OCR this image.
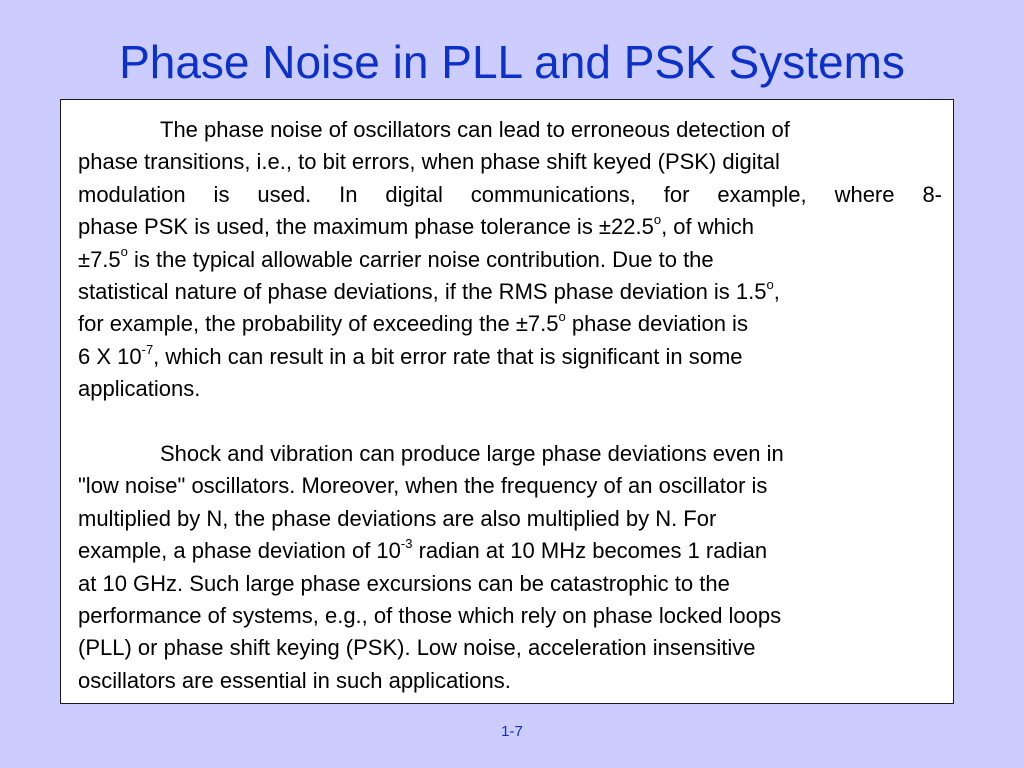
Phase Noise in PLL and PSK Systems
The phase noise of oscillators can lead to erroneous detection of
phase transitions, i.e., to bit errors, when phase shift keyed (PSK) digital
modulation is used. In digital communications, for example, where 8-
phase PSK is used, the maximum phase tolerance is $\pm 22.5^o$, of which
$\pm 7.5^o$ is the typical allowable carrier noise contribution. Due to the
statistical nature of phase deviations, if the RMS phase deviation is 1.5$^o$,
for example, the probability of exceeding the $\pm 7.5^o$ phase deviation is
6 X $10^{-7}$, which can result in a bit error rate that is significant in some
applications.
Shock and vibration can produce large phase deviations even in
"low noise" oscillators. Moreover, when the frequency of an oscillator is
multiplied by N, the phase deviations are also multiplied by N. For
example, a phase deviation of $10^{-3}$ radian at 10 MHz becomes 1 radian
at 10 GHz. Such large phase excursions can be catastrophic to the
performance of systems, e.g., of those which rely on phase locked loops
(PLL) or phase shift keying (PSK). Low noise, acceleration insensitive
oscillators are essential in such applications.
1-7
